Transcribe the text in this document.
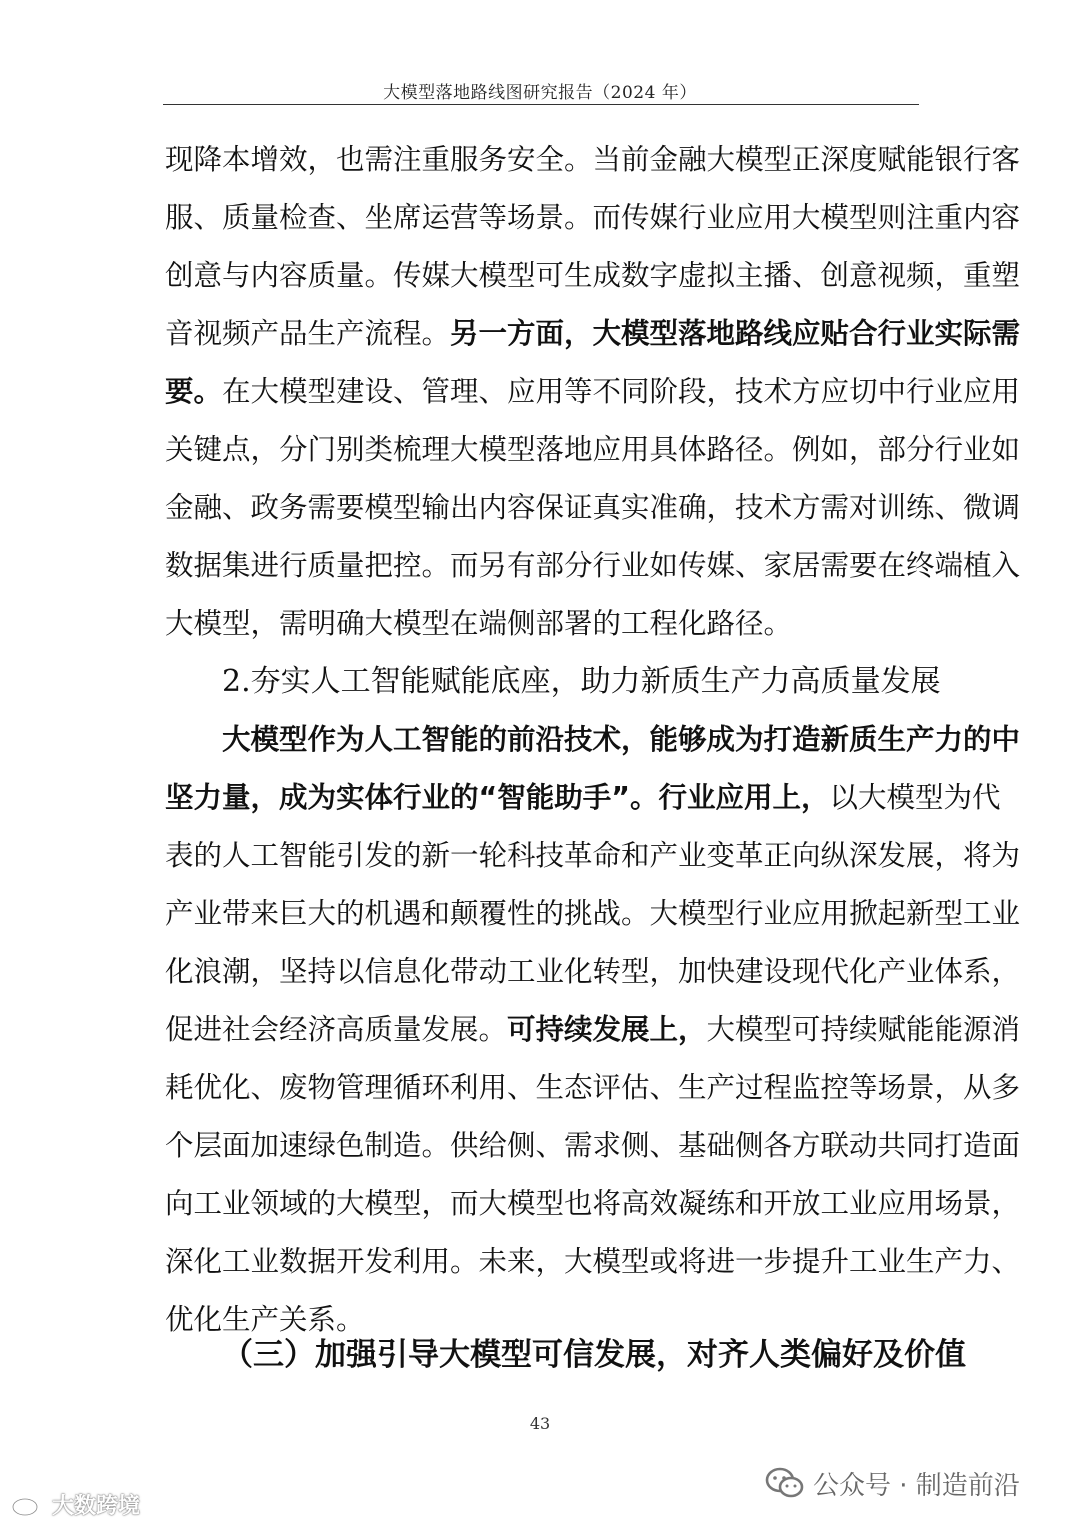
大模型落地路线图研究报告（2024 年）
现降本增效，也需注重服务安全。当前金融大模型正深度赋能银行客
服、质量检查、坐席运营等场景。而传媒行业应用大模型则注重内容
创意与内容质量。传媒大模型可生成数字虚拟主播、创意视频，重塑
音视频产品生产流程。另一方面，大模型落地路线应贴合行业实际需
要。在大模型建设、管理、应用等不同阶段，技术方应切中行业应用
关键点，分门别类梳理大模型落地应用具体路径。例如，部分行业如
金融、政务需要模型输出内容保证真实准确，技术方需对训练、微调
数据集进行质量把控。而另有部分行业如传媒、家居需要在终端植入
大模型，需明确大模型在端侧部署的工程化路径。
2.夯实人工智能赋能底座，助力新质生产力高质量发展
大模型作为人工智能的前沿技术，能够成为打造新质生产力的中
坚力量，成为实体行业的“智能助手”。行业应用上，以大模型为代
表的人工智能引发的新一轮科技革命和产业变革正向纵深发展，将为
产业带来巨大的机遇和颠覆性的挑战。大模型行业应用掀起新型工业
化浪潮，坚持以信息化带动工业化转型，加快建设现代化产业体系，
促进社会经济高质量发展。可持续发展上，大模型可持续赋能能源消
耗优化、废物管理循环利用、生态评估、生产过程监控等场景，从多
个层面加速绿色制造。供给侧、需求侧、基础侧各方联动共同打造面
向工业领域的大模型，而大模型也将高效凝练和开放工业应用场景，
深化工业数据开发利用。未来，大模型或将进一步提升工业生产力、
优化生产关系。
（三）加强引导大模型可信发展，对齐人类偏好及价值
43
公众号 · 制造前沿
大数跨境
